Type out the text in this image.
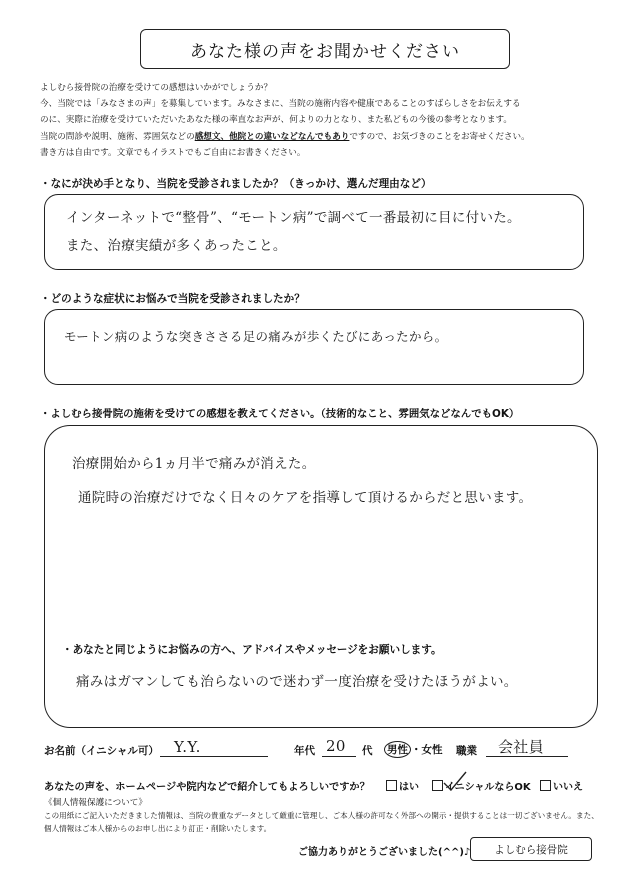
あなた様の声をお聞かせください

よしむら接骨院の治療を受けての感想はいかがでしょうか？

今、当院では「みなさまの声」を募集しています。みなさまに、当院の施術内容や健康であることのすばらしさをお伝えする

のに、実際に治療を受けていただいたあなた様の率直なお声が、何よりの力となり、また私どもの今後の参考となります。

当院の問診や説明、施術、雰囲気などの感想文、他院との違いなどなんでもありですので、お気づきのことをお寄せください。

書き方は自由です。文章でもイラストでもご自由にお書きください。

・なにが決め手となり、当院を受診されましたか？（きっかけ、選んだ理由など）
インターネットで“整骨”、“モートン病”で調べて一番最初に目に付いた。
また、治療実績が多くあったこと。
・どのような症状にお悩みで当院を受診されましたか？
モートン病のような突きささる足の痛みが歩くたびにあったから。
・よしむら接骨院の施術を受けての感想を教えてください。（技術的なこと、雰囲気などなんでもOK）
治療開始から1ヵ月半で痛みが消えた。
通院時の治療だけでなく日々のケアを指導して頂けるからだと思います。
・あなたと同じようにお悩みの方へ、アドバイスやメッセージをお願いします。
痛みはガマンしても治らないので迷わず一度治療を受けたほうがよい。
お名前（イニシャル可） Y.Y.	年代 20 代 男性 ・女性 職業 会社員
あなたの声を、ホームページや院内などで紹介してもよろしいですか？	はい	イニシャルならOK	いいえ
《個人情報保護について》
この用紙にご記入いただきました情報は、当院の貴重なデータとして厳重に管理し、ご本人様の許可なく外部への開示・提供することは一切ございません。また、
個人情報はご本人様からのお申し出により訂正・削除いたします。
ご協力ありがとうございました(^^)♪ よしむら接骨院
